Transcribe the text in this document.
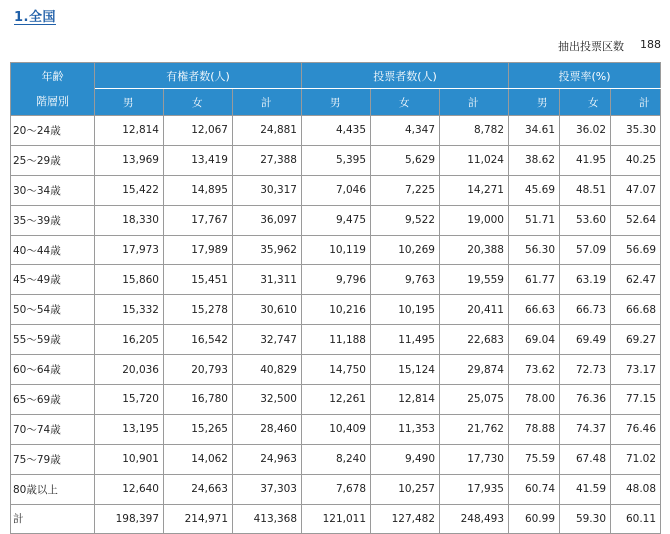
1.全国
抽出投票区数 188
年齢
階層別	有権者数(人)			投票者数(人)			投票率(%)		
	男	女	計	男	女	計	男	女	計
20～24歳	12,814	12,067	24,881	4,435	4,347	8,782	34.61	36.02	35.30
25～29歳	13,969	13,419	27,388	5,395	5,629	11,024	38.62	41.95	40.25
30～34歳	15,422	14,895	30,317	7,046	7,225	14,271	45.69	48.51	47.07
35～39歳	18,330	17,767	36,097	9,475	9,522	19,000	51.71	53.60	52.64
40～44歳	17,973	17,989	35,962	10,119	10,269	20,388	56.30	57.09	56.69
45～49歳	15,860	15,451	31,311	9,796	9,763	19,559	61.77	63.19	62.47
50～54歳	15,332	15,278	30,610	10,216	10,195	20,411	66.63	66.73	66.68
55～59歳	16,205	16,542	32,747	11,188	11,495	22,683	69.04	69.49	69.27
60～64歳	20,036	20,793	40,829	14,750	15,124	29,874	73.62	72.73	73.17
65～69歳	15,720	16,780	32,500	12,261	12,814	25,075	78.00	76.36	77.15
70～74歳	13,195	15,265	28,460	10,409	11,353	21,762	78.88	74.37	76.46
75～79歳	10,901	14,062	24,963	8,240	9,490	17,730	75.59	67.48	71.02
80歳以上	12,640	24,663	37,303	7,678	10,257	17,935	60.74	41.59	48.08
計	198,397	214,971	413,368	121,011	127,482	248,493	60.99	59.30	60.11
